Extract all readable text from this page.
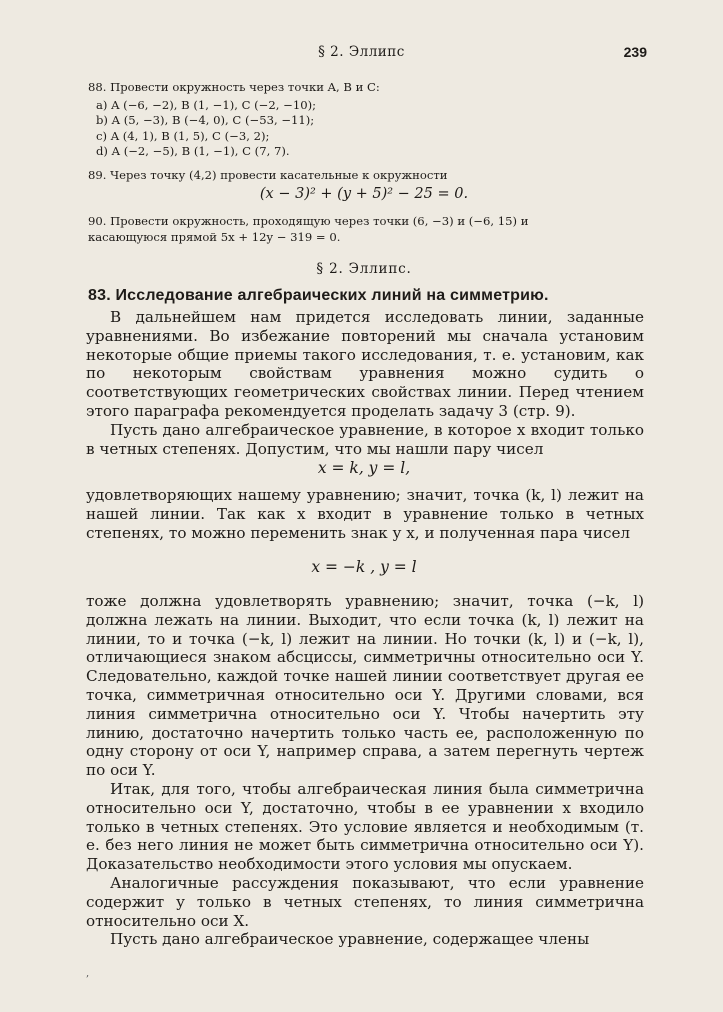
§ 2. Эллипс	239
88. Провести окружность через точки A, B и C:
a) A (−6, −2), B (1, −1), C (−2, −10);
b) A (5, −3), B (−4, 0), C (−53, −11);
c) A (4, 1), B (1, 5), C (−3, 2);
d) A (−2, −5), B (1, −1), C (7, 7).
89. Через точку (4,2) провести касательные к окружности
(x − 3)² + (y + 5)² − 25 = 0.
90. Провести окружность, проходящую через точки (6, −3) и (−6, 15) и
касающуюся прямой 5x + 12y − 319 = 0.
§ 2. Эллипс.
83. Исследование алгебраических линий на симметрию.

В дальнейшем нам придется исследовать линии, заданные уравнениями. Во избежание повторений мы сначала установим некоторые общие приемы такого исследования, т. е. установим, как по некоторым свойствам уравнения можно судить о соответствующих геометрических свойствах линии. Перед чтением этого параграфа рекомендуется проделать задачу 3 (стр. 9).

Пусть дано алгебраическое уравнение, в которое x входит только в четных степенях. Допустим, что мы нашли пару чисел

x = k, y = l,

удовлетворяющих нашему уравнению; значит, точка (k, l) лежит на нашей линии. Так как x входит в уравнение только в четных степенях, то можно переменить знак у x, и полученная пара чисел

x = −k , y = l

тоже должна удовлетворять уравнению; значит, точка (−k, l) должна лежать на линии. Выходит, что если точка (k, l) лежит на линии, то и точка (−k, l) лежит на линии. Но точки (k, l) и (−k, l), отличающиеся знаком абсциссы, симметричны относительно оси Y. Следовательно, каждой точке нашей линии соответствует другая ее точка, симметричная относительно оси Y. Другими словами, вся линия симметрична относительно оси Y. Чтобы начертить эту линию, достаточно начертить только часть ее, расположенную по одну сторону от оси Y, например справа, а затем перегнуть чертеж по оси Y.

Итак, для того, чтобы алгебраическая линия была симметрична относительно оси Y, достаточно, чтобы в ее уравнении x входило только в четных степенях. Это условие является и необходимым (т. е. без него линия не может быть симметрична относительно оси Y). Доказательство необходимости этого условия мы опускаем.

Аналогичные рассуждения показывают, что если уравнение содержит y только в четных степенях, то линия симметрична относительно оси X.

Пусть дано алгебраическое уравнение, содержащее члены

,
